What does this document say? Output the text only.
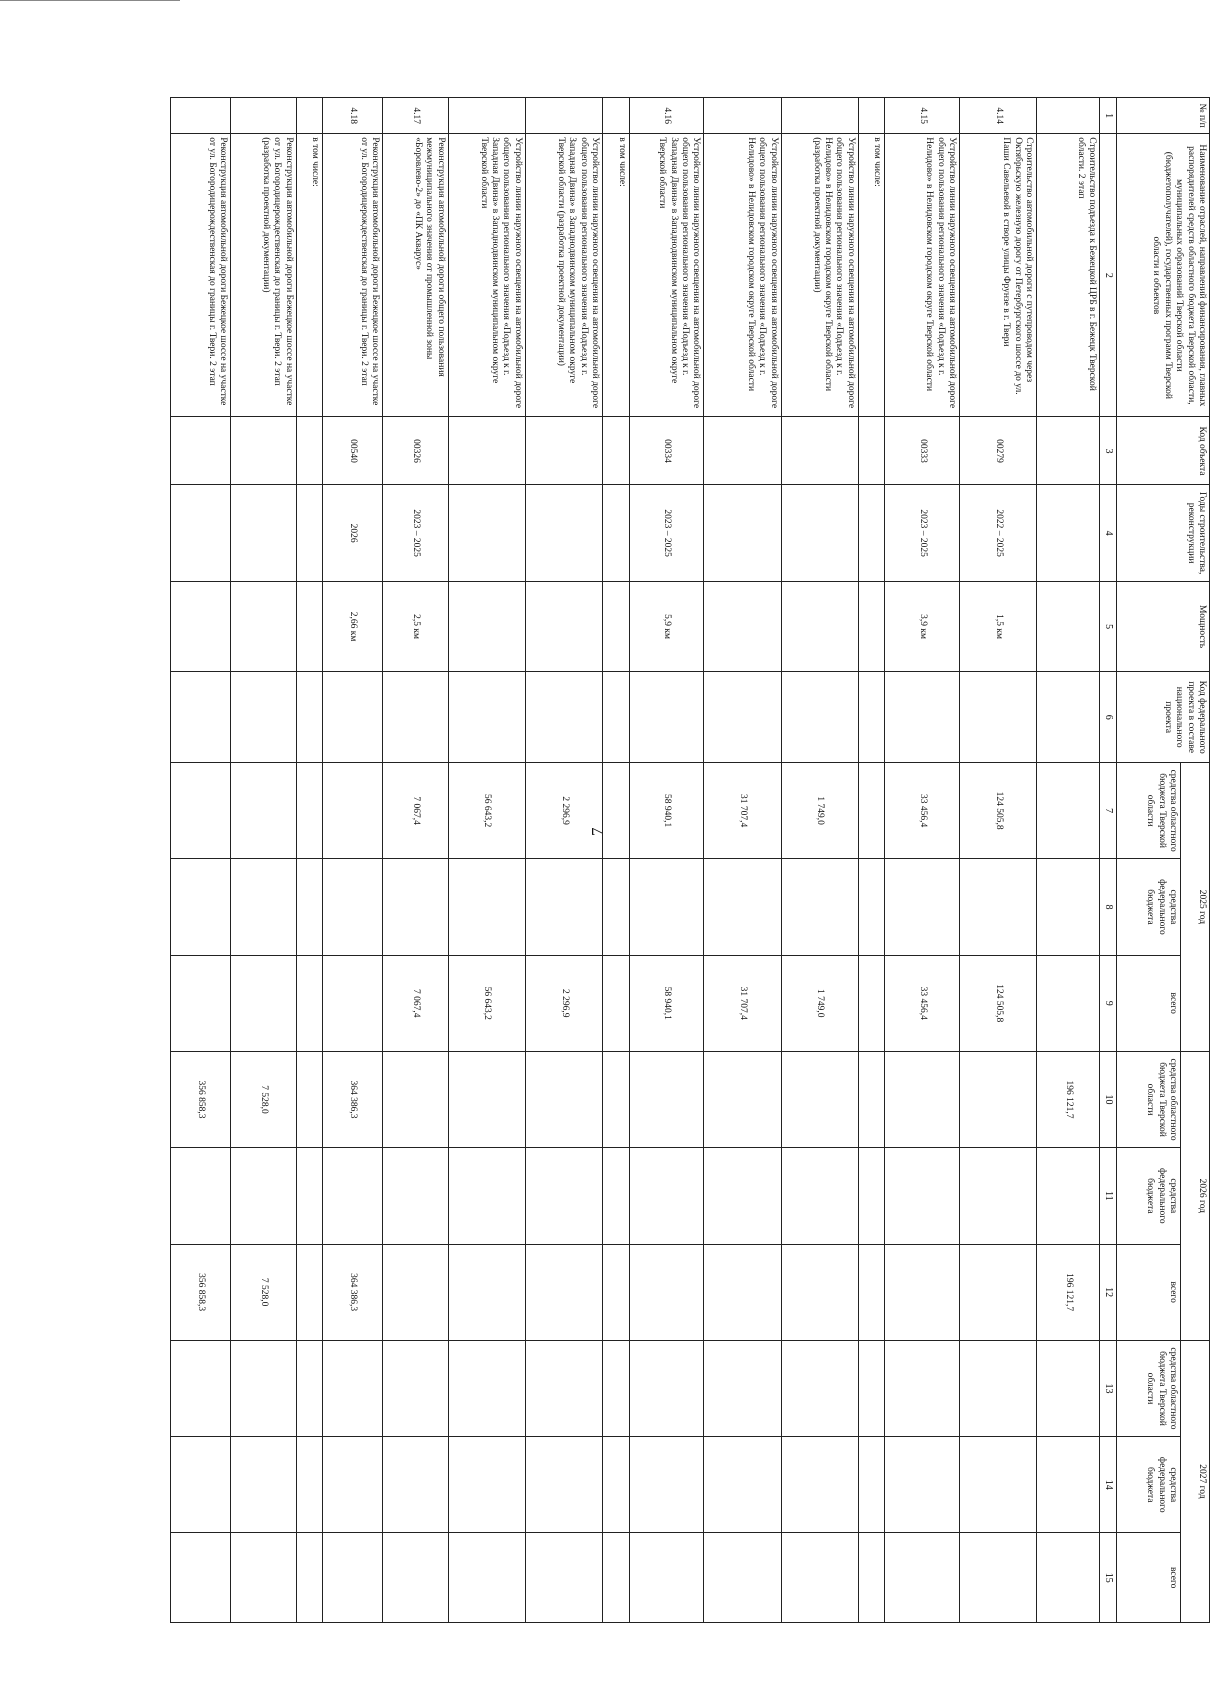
7
№ п/п	Наименование отраслей, направлений финансирования, главных распорядителей средств областного бюджета Тверской области, муниципальных образований Тверской области (бюджетополучателей), государственных программ Тверской области и объектов	Код объекта	Годы строительства, реконструкции	Мощность	Код федерального проекта в составе национального проекта	2025 год			2026 год			2027 год		
						средства областного бюджета Тверской области	средства федерального бюджета	всего	средства областного бюджета Тверской области	средства федерального бюджета	всего	средства областного бюджета Тверской области	средства федерального бюджета	всего
1	2	3	4	5	6	7	8	9	10	11	12	13	14	15
	Строительство подъезда к Бежецкой ЦРБ в г. Бежецк Тверской области. 2 этап								196 121,7		196 121,7			
4.14	Строительство автомобильной дороги с путепроводом через Октябрьскую железную дорогу от Петербургского шоссе до ул. Паши Савельевой в створе улицы Фрунзе в г. Твери	00279	2022 – 2025	1,5 км		124 505,8		124 505,8						
4.15	Устройство линии наружного освещения на автомобильной дороге общего пользования регионального значения «Подъезд к г. Нелидово» в Нелидовском городском округе Тверской области	00333	2023 – 2025	3,9 км		33 456,4		33 456,4						
	в том числе:													
	Устройство линии наружного освещения на автомобильной дороге общего пользования регионального значения «Подъезд к г. Нелидово» в Нелидовском городском округе Тверской области (разработка проектной документации)					1 749,0		1 749,0						
	Устройство линии наружного освещения на автомобильной дороге общего пользования регионального значения «Подъезд к г. Нелидово» в Нелидовском городском округе Тверской области					31 707,4		31 707,4						
4.16	Устройство линии наружного освещения на автомобильной дороге общего пользования регионального значения «Подъезд к г. Западная Двина» в Западнодвинском муниципальном округе Тверской области	00334	2023 – 2025	5,9 км		58 940,1		58 940,1						
	в том числе:													
	Устройство линии наружного освещения на автомобильной дороге общего пользования регионального значения «Подъезд к г. Западная Двина» в Западнодвинском муниципальном округе Тверской области (разработка проектной документации)					2 296,9		2 296,9						
	Устройство линии наружного освещения на автомобильной дороге общего пользования регионального значения «Подъезд к г. Западная Двина» в Западнодвинском муниципальном округе Тверской области					56 643,2		56 643,2						
4.17	Реконструкция автомобильной дороги общего пользования межмуниципального значения от промышленной зоны «Боровлево-2» до «ПК Акварус»	00326	2023 – 2025	2,5 км		7 067,4		7 067,4						
4.18	Реконструкция автомобильной дороги Бежецкое шоссе на участке от ул. Богородицерождественская до границы г. Твери. 2 этап	00540	2026	2,66 км					364 386,3		364 386,3			
	в том числе:													
	Реконструкция автомобильной дороги Бежецкое шоссе на участке от ул. Богородицерождественская до границы г. Твери. 2 этап (разработка проектной документации)								7 528,0		7 528,0			
	Реконструкция автомобильной дороги Бежецкое шоссе на участке от ул. Богородицерождественская до границы г. Твери. 2 этап								356 858,3		356 858,3			
